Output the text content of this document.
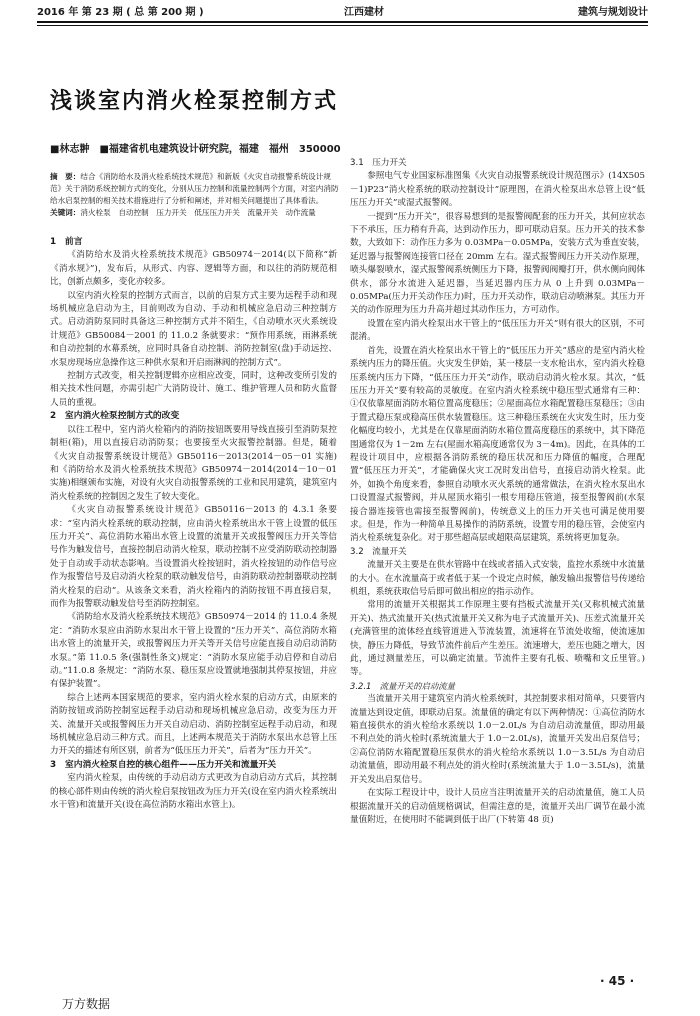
2016 年 第 23 期 ( 总 第 200 期 )	江西建材	建筑与规划设计
浅谈室内消火栓泵控制方式
■林志翀　■福建省机电建筑设计研究院，福建　福州　350000
摘　要：结合《消防给水及消火栓系统技术规范》和新版《火灾自动报警系统设计规范》关于消防系统控制方式的变化，分别从压力控制和流量控制两个方面，对室内消防给水启泵控制的相关技术措施进行了分析和阐述，并对相关问题提出了具体看法。
关键词：消火栓泵　自动控制　压力开关　低压压力开关　流量开关　动作流量

1　前言

《消防给水及消火栓系统技术规范》GB50974－2014(以下简称“新《消水规》”)，发布后，从形式、内容、逻辑等方面，和以往的消防规范相比，创新点颇多，变化亦较多。

以室内消火栓泵的控制方式而言，以前的启泵方式主要为远程手动和现场机械应急启动为主，目前则改为自动、手动和机械应急启动三种控制方式。启动消防泵同时具备这三种控制方式并不陌生，《自动喷水灭火系统设计规范》GB50084－2001 的 11.0.2 条就要求：“预作用系统，雨淋系统和自动控制的水幕系统，应同时具备自动控制、消防控制室(盘)手动远控、水泵房现场应急操作这三种供水泵和开启雨淋阀的控制方式”。

控制方式改变，相关控制逻辑亦应相应改变，同时，这种改变所引发的相关技术性问题，亦需引起广大消防设计、施工、维护管理人员和防火监督人员的重视。

2　室内消火栓泵控制方式的改变

以往工程中，室内消火栓箱内的消防按钮既要用导线直接引至消防泵控制柜(箱)，用以直接启动消防泵；也要接至火灾报警控制器。但是，随着《火灾自动报警系统设计规范》GB50116－2013(2014－05－01 实施)和《消防给水及消火栓系统技术规范》GB50974－2014(2014－10－01 实施)相继颁布实施，对设有火灾自动报警系统的工业和民用建筑，建筑室内消火栓系统的控制因之发生了较大变化。

《火灾自动报警系统设计规范》GB50116－2013 的 4.3.1 条要求：“室内消火栓系统的联动控制，应由消火栓系统出水干管上设置的低压压力开关”、高位消防水箱出水管上设置的流量开关或报警阀压力开关等信号作为触发信号，直接控制启动消火栓泵，联动控制不应受消防联动控制器处于自动或手动状态影响。当设置消火栓按钮时，消火栓按钮的动作信号应作为报警信号及启动消火栓泵的联动触发信号，由消防联动控制器联动控制消火栓泵的启动”。从该条文来看，消火栓箱内的消防按钮不再直接启泵，而作为报警联动触发信号至消防控制室。

《消防给水及消火栓系统技术规范》GB50974－2014 的 11.0.4 条规定：“消防水泵应由消防水泵出水干管上设置的“压力开关”、高位消防水箱出水管上的流量开关，或报警阀压力开关等开关信号应能直接自动启动消防水泵。”第 11.0.5 条(强制性条文)规定：“消防水泵应能手动启停和自动启动。”11.0.8 条规定：“消防水泵、稳压泵应设置就地强制其停泵按钮，并应有保护装置”。

综合上述两本国家规范的要求，室内消火栓水泵的启动方式，由原来的消防按钮或消防控制室远程手动启动和现场机械应急启动，改变为压力开关、流量开关或报警阀压力开关自动启动、消防控制室远程手动启动，和现场机械应急启动三种方式。而且，上述两本规范关于消防水泵出水总管上压力开关的描述有所区别，前者为“低压压力开关”，后者为“压力开关”。

3　室内消火栓泵自控的核心组件——压力开关和流量开关

室内消火栓泵，由传统的手动启动方式更改为自动启动方式后，其控制的核心部件则由传统的消火栓启泵按钮改为压力开关(设在室内消火栓系统出水干管)和流量开关(设在高位消防水箱出水管上)。

3.1　压力开关

参照电气专业国家标准图集《火灾自动报警系统设计规范图示》(14X505－1)P23“消火栓系统的联动控制设计”原理图，在消火栓泵出水总管上设“低压压力开关”或湿式报警阀。

一提到“压力开关”，很容易想到的是报警阀配套的压力开关，其何应状态下不承压，压力稍有升高，达到动作压力，即可联动启泵。压力开关的技术参数，大致如下：动作压力多为 0.03MPa－0.05MPa，安装方式为垂直安装，延迟器与报警阀连接管口径在 20mm 左右。湿式报警阀压力开关动作原理，喷头爆裂喷水，湿式报警阀系统侧压力下降，报警阀阀瓣打开，供水侧向阀体供水，部分水流进入延迟器，当延迟器内压力从 0 上升到 0.03MPa－0.05MPa(压力开关动作压力)时，压力开关动作，联动启动喷淋泵。其压力开关的动作原理为压力升高并超过其动作压力，方可动作。

设置在室内消火栓泵出水干管上的“低压压力开关”则有很大的区别，不可混淆。

首先，设置在消火栓泵出水干管上的“低压压力开关”感应的是室内消火栓系统内压力的降压值。火灾发生伊始，某一楼层一支水枪出水，室内消火栓稳压系统内压力下降，“低压压力开关”动作，联动启动消火栓水泵。其次，“低压压力开关”要有较高的灵敏度。在室内消火栓系统中稳压型式通常有三种：①仅依靠屋面消防水箱位置高度稳压；②屋面高位水箱配置稳压泵稳压；③由于置式稳压泵或稳高压供水装置稳压。这三种稳压系统在火灾发生时，压力变化幅度均较小，尤其是在仅靠屋面消防水箱位置高度稳压的系统中，其下降范围通常仅为 1－2m 左右(屋面水箱高度通常仅为 3－4m)。因此，在具体的工程设计项目中，应根据各消防系统的稳压状况和压力降值的幅度，合理配置“低压压力开关”，才能确保火灾工况时发出信号，直接启动消火栓泵。此外，如换个角度来看，参照自动喷水灭火系统的通常做法，在消火栓水泵出水口设置湿式报警阀，并从屋顶水箱引一根专用稳压管道，接至报警阀前(水泵接合器连接管也需接至报警阀前)，传统意义上的压力开关也可满足使用要求。但是，作为一种简单且易操作的消防系统，设置专用的稳压管，会使室内消火栓系统复杂化。对于那些超高层或超限高层建筑，系统将更加复杂。

3.2　流量开关

流量开关主要是在供水管路中在线或者插入式安装，监控水系统中水流量的大小。在水流量高于或者低于某一个设定点时候，触发输出报警信号传递给机组，系统获取信号后即可做出相应的指示动作。

常用的流量开关根据其工作原理主要有挡板式流量开关(又称机械式流量开关)、热式流量开关(热式流量开关又称为电子式流量开关)、压差式流量开关(充满管里的流体经直线管道进入节流装置，流速将在节流处收缩，使流速加快，静压力降低，导致节流件前后产生差压。流速增大，差压也随之增大，因此，通过测量差压，可以确定流量。节流件主要有孔板、喷嘴和文丘里管。)等。

3.2.1　流量开关的启动流量

当流量开关用于建筑室内消火栓系统时，其控制要求相对简单，只要管内流量达到设定值，即联动启泵。流量值的确定有以下两种情况：①高位消防水箱直接供水的消火栓给水系统以 1.0－2.0L/s 为自动启动流量值，即动用最不利点处的消火栓时(系统流量大于 1.0－2.0L/s)，流量开关发出启泵信号；②高位消防水箱配置稳压泵供水的消火栓给水系统以 1.0－3.5L/s 为自动启动流量值，即动用最不利点处的消火栓时(系统流量大于 1.0－3.5L/s)，流量开关发出启泵信号。

在实际工程设计中，设计人员应当注明流量开关的启动流量值，施工人员根据流量开关的启动值规格调试，但需注意的是，流量开关出厂调节在最小流量值附近，在使用时不能调到低于出厂(下转第 48 页)

· 45 ·
万方数据
